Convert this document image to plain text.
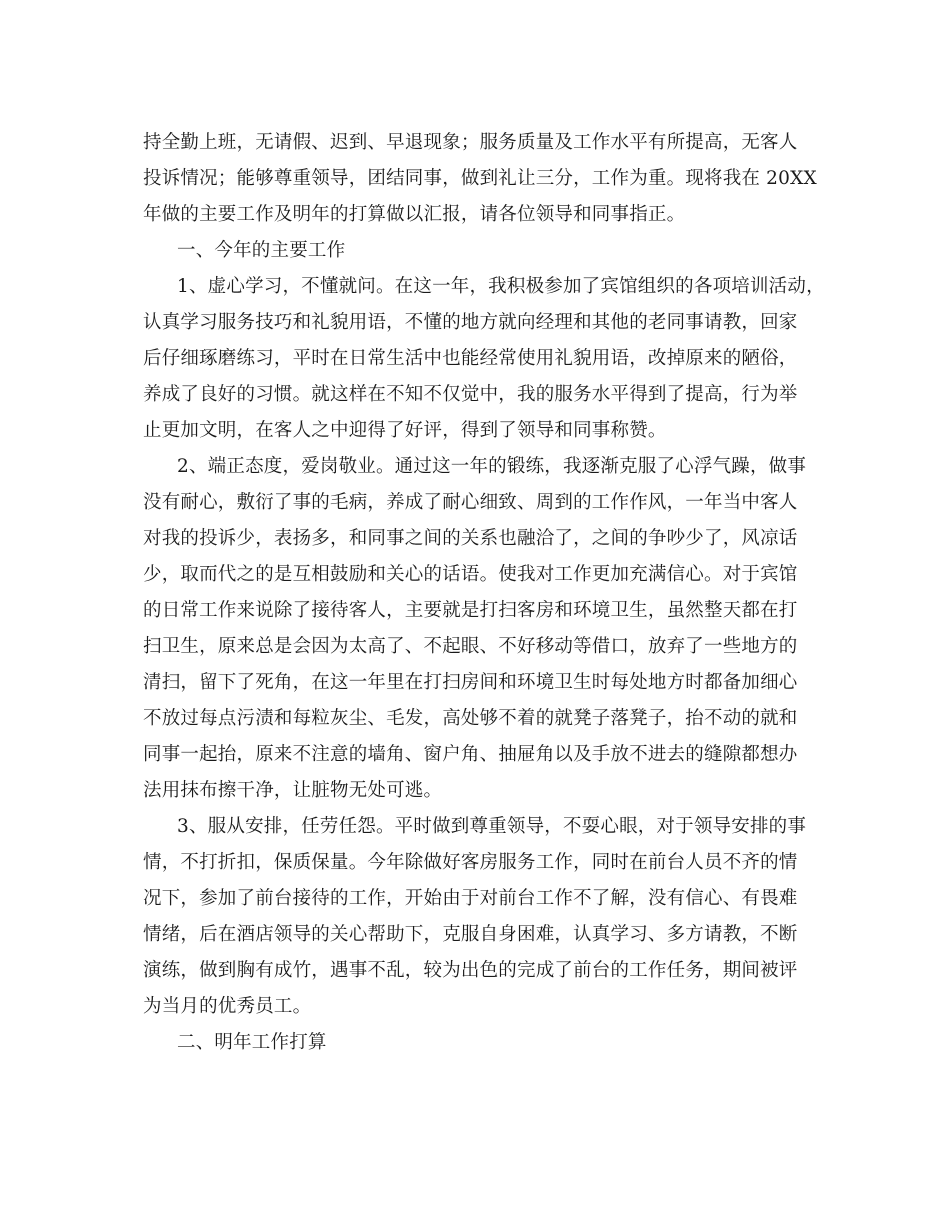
持全勤上班，无请假、迟到、早退现象；服务质量及工作水平有所提高，无客人
投诉情况；能够尊重领导，团结同事，做到礼让三分，工作为重。现将我在 20XX
年做的主要工作及明年的打算做以汇报，请各位领导和同事指正。
一、今年的主要工作
1、虚心学习，不懂就问。在这一年，我积极参加了宾馆组织的各项培训活动，
认真学习服务技巧和礼貌用语，不懂的地方就向经理和其他的老同事请教，回家
后仔细琢磨练习，平时在日常生活中也能经常使用礼貌用语，改掉原来的陋俗，
养成了良好的习惯。就这样在不知不仅觉中，我的服务水平得到了提高，行为举
止更加文明，在客人之中迎得了好评，得到了领导和同事称赞。
2、端正态度，爱岗敬业。通过这一年的锻练，我逐渐克服了心浮气躁，做事
没有耐心，敷衍了事的毛病，养成了耐心细致、周到的工作作风，一年当中客人
对我的投诉少，表扬多，和同事之间的关系也融洽了，之间的争吵少了，风凉话
少，取而代之的是互相鼓励和关心的话语。使我对工作更加充满信心。对于宾馆
的日常工作来说除了接待客人，主要就是打扫客房和环境卫生，虽然整天都在打
扫卫生，原来总是会因为太高了、不起眼、不好移动等借口，放弃了一些地方的
清扫，留下了死角，在这一年里在打扫房间和环境卫生时每处地方时都备加细心
不放过每点污渍和每粒灰尘、毛发，高处够不着的就凳子落凳子，抬不动的就和
同事一起抬，原来不注意的墙角、窗户角、抽屉角以及手放不进去的缝隙都想办
法用抹布擦干净，让脏物无处可逃。
3、服从安排，任劳任怨。平时做到尊重领导，不耍心眼，对于领导安排的事
情，不打折扣，保质保量。今年除做好客房服务工作，同时在前台人员不齐的情
况下，参加了前台接待的工作，开始由于对前台工作不了解，没有信心、有畏难
情绪，后在酒店领导的关心帮助下，克服自身困难，认真学习、多方请教，不断
演练，做到胸有成竹，遇事不乱，较为出色的完成了前台的工作任务，期间被评
为当月的优秀员工。
二、明年工作打算
